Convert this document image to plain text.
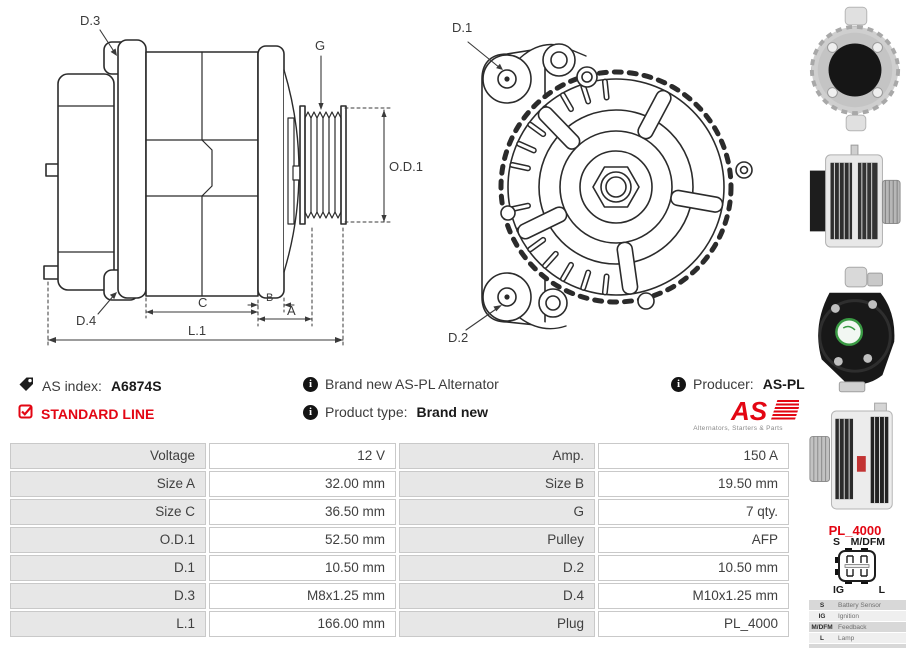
D.3
G
O.D.1
D.4
C	B
A
L.1
D.1
D.2
AS index: A6874S
STANDARD LINE
i Brand new AS-PL Alternator
i Product type: Brand new
i Producer: AS-PL
AS
Alternators, Starters & Parts
Voltage	12 V	Amp.	150 A
Size A	32.00 mm	Size B	19.50 mm
Size C	36.50 mm	G	7 qty.
O.D.1	52.50 mm	Pulley	AFP
D.1	10.50 mm	D.2	10.50 mm
D.3	M8x1.25 mm	D.4	M10x1.25 mm
L.1	166.00 mm	Plug	PL_4000
PL_4000
S M/DFM
IG	L
S	Battery Sensor
IG	Ignition
M/DFM Feedback
L	Lamp
